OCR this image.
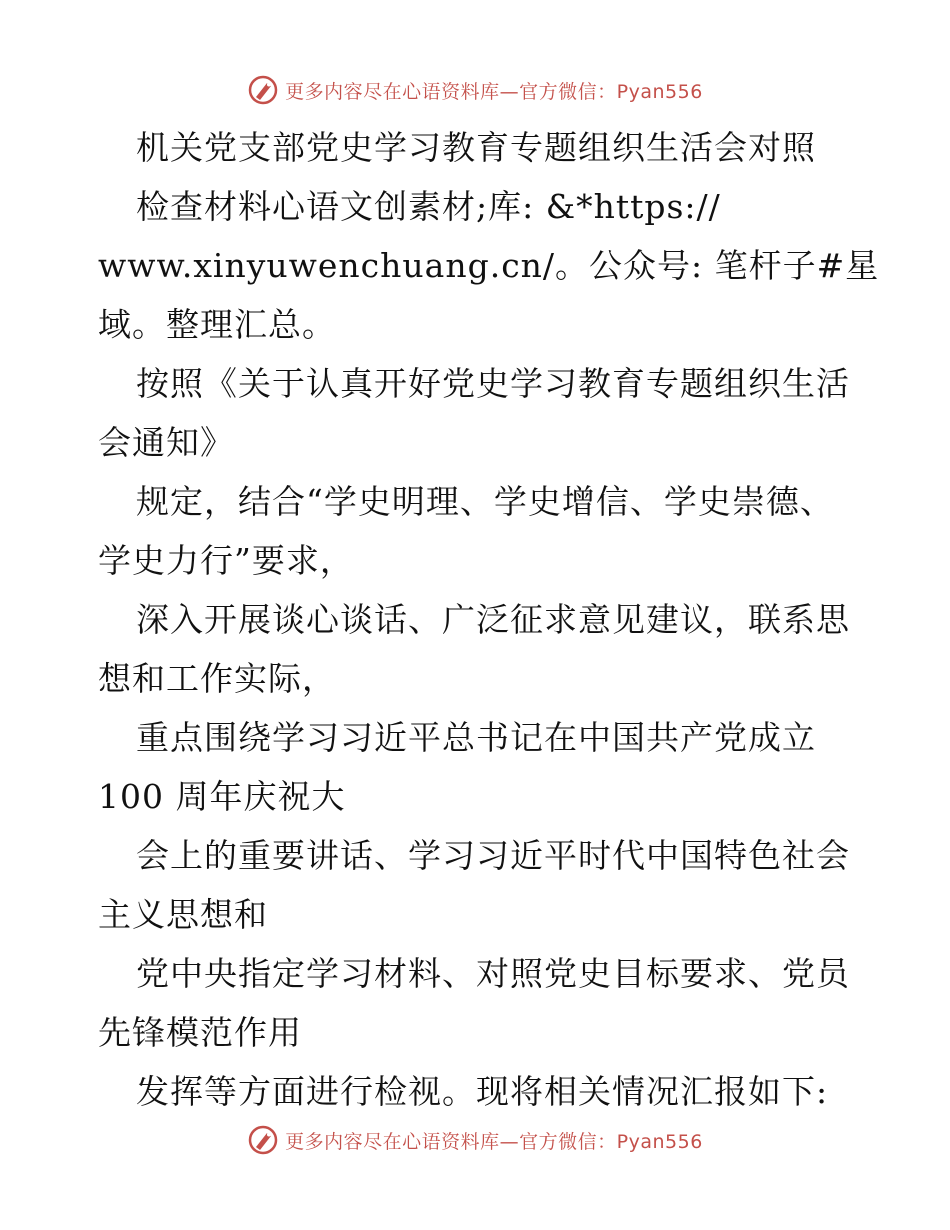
更多内容尽在心语资料库—官方微信：Pyan556
机关党支部党史学习教育专题组织生活会对照
检查材料心语文创素材;库: &*https://
www.xinyuwenchuang.cn/。公众号: 笔杆子#星
域。整理汇总。
按照《关于认真开好党史学习教育专题组织生活
会通知》
规定，结合“学史明理、学史增信、学史崇德、
学史力行”要求，
深入开展谈心谈话、广泛征求意见建议，联系思
想和工作实际，
重点围绕学习习近平总书记在中国共产党成立
100 周年庆祝大
会上的重要讲话、学习习近平时代中国特色社会
主义思想和
党中央指定学习材料、对照党史目标要求、党员
先锋模范作用
发挥等方面进行检视。现将相关情况汇报如下:
更多内容尽在心语资料库—官方微信：Pyan556
